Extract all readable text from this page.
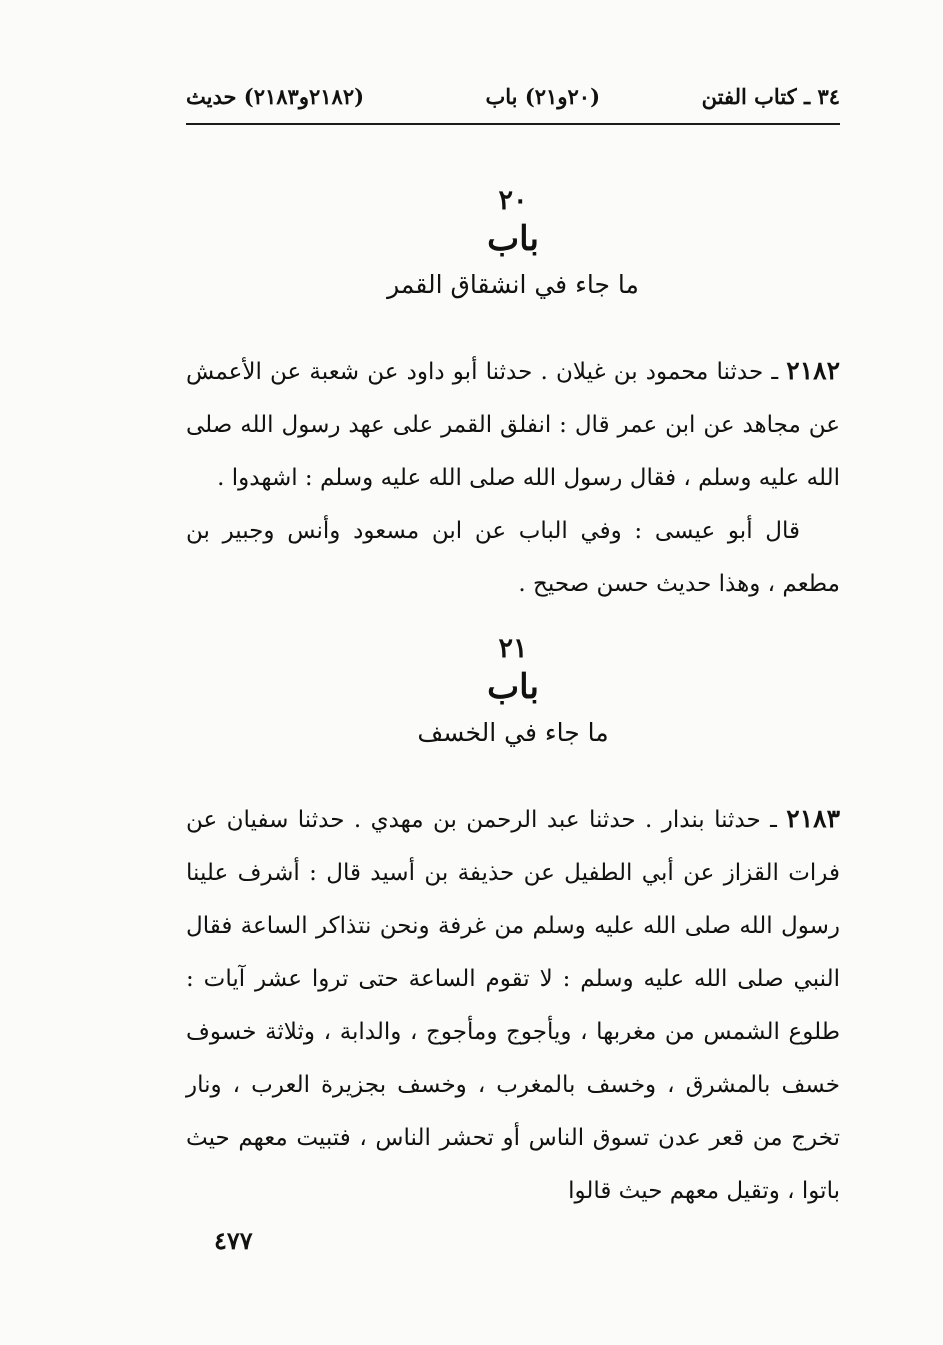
٣٤ ـ كتاب الفتن
(٢٠و٢١) باب
(٢١٨٢و٢١٨٣) حديث
٢٠
باب
ما جاء في انشقاق القمر

٢١٨٢ ـ حدثنا محمود بن غيلان . حدثنا أبو داود عن شعبة عن الأعمش عن مجاهد عن ابن عمر قال : انفلق القمر على عهد رسول الله صلى الله عليه وسلم ، فقال رسول الله صلى الله عليه وسلم : اشهدوا .

قال أبو عيسى : وفي الباب عن ابن مسعود وأنس وجبير بن مطعم ، وهذا حديث حسن صحيح .

٢١
باب
ما جاء في الخسف

٢١٨٣ ـ حدثنا بندار . حدثنا عبد الرحمن بن مهدي . حدثنا سفيان عن فرات القزاز عن أبي الطفيل عن حذيفة بن أسيد قال : أشرف علينا رسول الله صلى الله عليه وسلم من غرفة ونحن نتذاكر الساعة فقال النبي صلى الله عليه وسلم : لا تقوم الساعة حتى تروا عشر آيات : طلوع الشمس من مغربها ، ويأجوج ومأجوج ، والدابة ، وثلاثة خسوف خسف بالمشرق ، وخسف بالمغرب ، وخسف بجزيرة العرب ، ونار تخرج من قعر عدن تسوق الناس أو تحشر الناس ، فتبيت معهم حيث باتوا ، وتقيل معهم حيث قالوا

٤٧٧
